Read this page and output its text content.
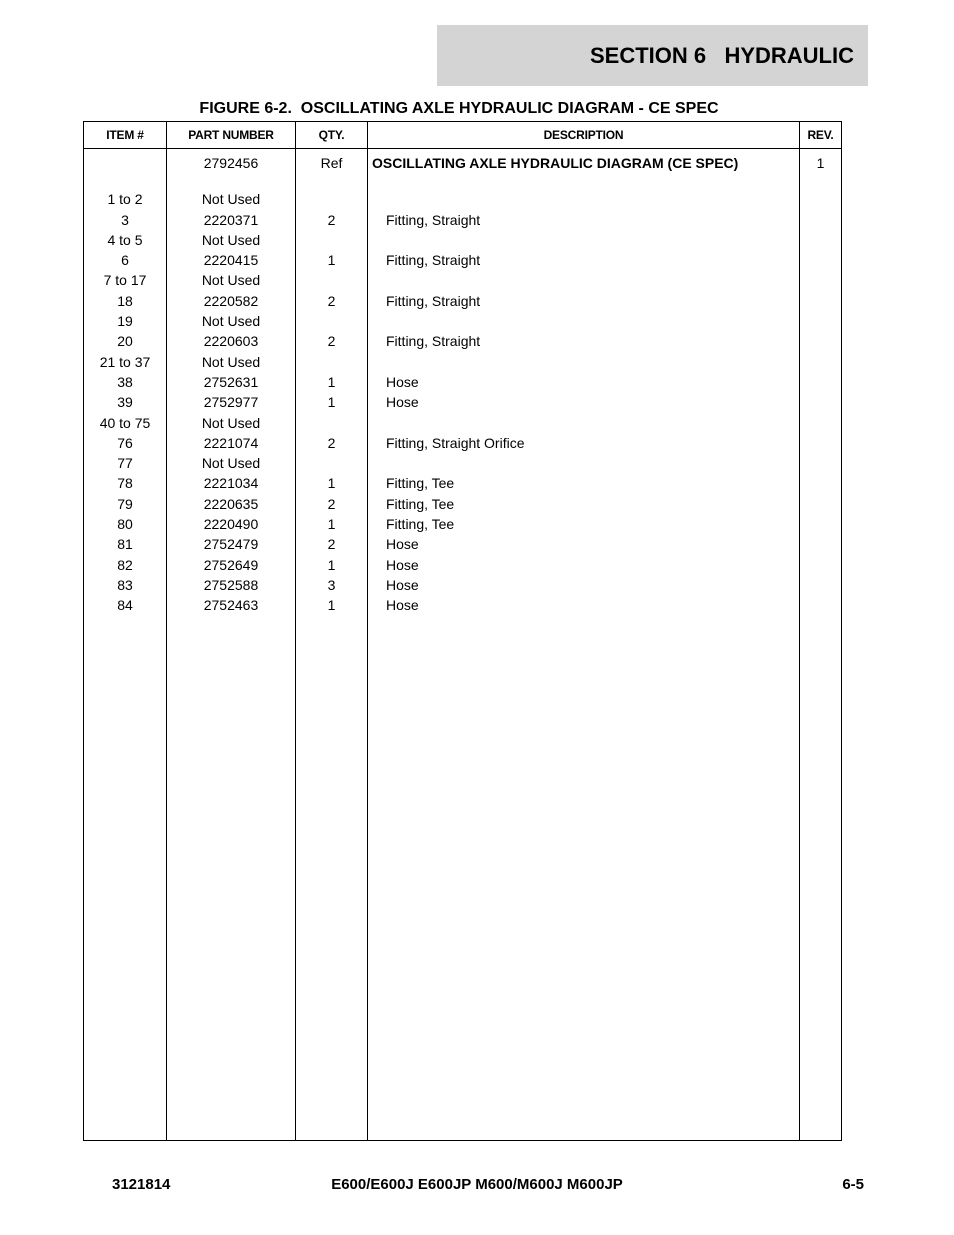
SECTION 6   HYDRAULIC
FIGURE 6-2.  OSCILLATING AXLE HYDRAULIC DIAGRAM - CE SPEC
ITEM #	PART NUMBER	QTY.	DESCRIPTION	REV.
	2792456	Ref	OSCILLATING AXLE HYDRAULIC DIAGRAM (CE SPEC)	1

1 to 2	Not Used			
3	2220371	2	Fitting, Straight	
4 to 5	Not Used			
6	2220415	1	Fitting, Straight	
7 to 17	Not Used			
18	2220582	2	Fitting, Straight	
19	Not Used			
20	2220603	2	Fitting, Straight	
21 to 37	Not Used			
38	2752631	1	Hose	
39	2752977	1	Hose	
40 to 75	Not Used			
76	2221074	2	Fitting, Straight Orifice	
77	Not Used			
78	2221034	1	Fitting, Tee	
79	2220635	2	Fitting, Tee	
80	2220490	1	Fitting, Tee	
81	2752479	2	Hose	
82	2752649	1	Hose	
83	2752588	3	Hose	
84	2752463	1	Hose	

3121814	E600/E600J E600JP M600/M600J M600JP	6-5
